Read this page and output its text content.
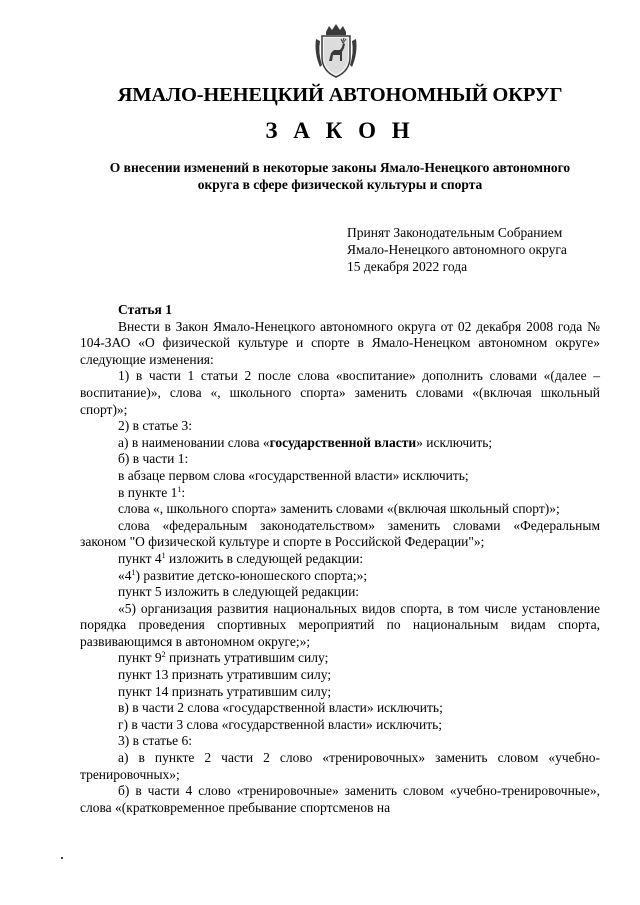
ЯМАЛО-НЕНЕЦКИЙ АВТОНОМНЫЙ ОКРУГ
З А К О Н
О внесении изменений в некоторые законы Ямало-Ненецкого автономного
округа в сфере физической культуры и спорта
Принят Законодательным Собранием
Ямало-Ненецкого автономного округа
15 декабря 2022 года

Статья 1

Внести в Закон Ямало-Ненецкого автономного округа от 02 декабря 2008 года № 104-ЗАО «О физической культуре и спорте в Ямало-Ненецком автономном округе» следующие изменения:

1) в части 1 статьи 2 после слова «воспитание» дополнить словами «(далее – воспитание)», слова «, школьного спорта» заменить словами «(включая школьный спорт)»;

2) в статье 3:

а) в наименовании слова «государственной власти» исключить;

б) в части 1:

в абзаце первом слова «государственной власти» исключить;

в пункте $1^1$:

слова «, школьного спорта» заменить словами «(включая школьный спорт)»;

слова «федеральным законодательством» заменить словами «Федеральным законом "О физической культуре и спорте в Российской Федерации"»;

пункт $4^1$ изложить в следующей редакции:

«$4^1$) развитие детско-юношеского спорта;»;

пункт 5 изложить в следующей редакции:

«5) организация развития национальных видов спорта, в том числе установление порядка проведения спортивных мероприятий по национальным видам спорта, развивающимся в автономном округе;»;

пункт $9^2$ признать утратившим силу;

пункт 13 признать утратившим силу;

пункт 14 признать утратившим силу;

в) в части 2 слова «государственной власти» исключить;

г) в части 3 слова «государственной власти» исключить;

3) в статье 6:

а) в пункте 2 части 2 слово «тренировочных» заменить словом «учебно-тренировочных»;

б) в части 4 слово «тренировочные» заменить словом «учебно-тренировочные», слова «(кратковременное пребывание спортсменов на
